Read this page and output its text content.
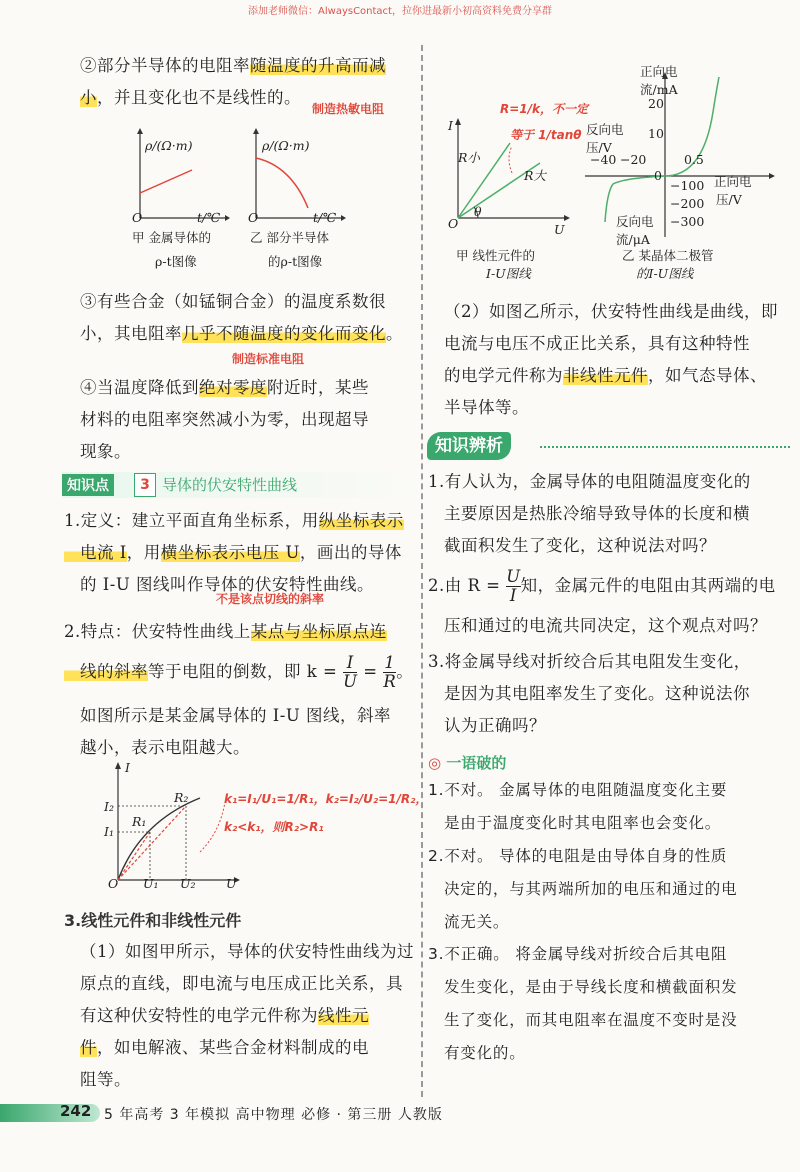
添加老师微信：AlwaysContact，拉你进最新小初高资料免费分享群
②部分半导体的电阻率随温度的升高而减
小，并且变化也不是线性的。
制造热敏电阻
ρ/(Ω·m)
t/℃
O
甲 金属导体的
ρ-t图像
ρ/(Ω·m)
t/℃
O
乙 部分半导体
的ρ-t图像
③有些合金（如锰铜合金）的温度系数很
小，其电阻率几乎不随温度的变化而变化。
制造标准电阻
④当温度降低到绝对零度附近时，某些
材料的电阻率突然减小为零，出现超导
现象。
知识点	3 导体的伏安特性曲线
1.定义：建立平面直角坐标系，用纵坐标表示
电流 I，用横坐标表示电压 U，画出的导体
的 I-U 图线叫作导体的伏安特性曲线。
不是该点切线的斜率
2.特点：伏安特性曲线上某点与坐标原点连
线的斜率等于电阻的倒数，即 $k = \frac{I}{U} = \frac{1}{R}$ 。
如图所示是某金属导体的 I-U 图线，斜率
越小，表示电阻越大。
I
U
O
I₂
I₁
U₁ U₂
R₁
R₂	k₁=I₁/U₁=1/R₁，k₂=I₂/U₂=1/R₂，
k₂<k₁，则R₂>R₁
3.线性元件和非线性元件
（1）如图甲所示，导体的伏安特性曲线为过
原点的直线，即电流与电压成正比关系，具
有这种伏安特性的电学元件称为线性元
件，如电解液、某些合金材料制成的电
阻等。
I
U
O
R小
R大
θ
R=1/k，不一定
等于 1/tanθ
甲 线性元件的
I-U图线
正向电
流/mA
反向电
流/μA
正向电
压/V
反向电
压/V
20
10
0.5
−40 −20
0
−100
−200
−300
乙 某晶体二极管
的I-U图线
（2）如图乙所示，伏安特性曲线是曲线，即
电流与电压不成正比关系，具有这种特性
的电学元件称为非线性元件，如气态导体、
半导体等。
知识辨析
1.有人认为，金属导体的电阻随温度变化的
主要原因是热胀冷缩导致导体的长度和横
截面积发生了变化，这种说法对吗？
2.由 $R = \frac{U}{I}$ 知，金属元件的电阻由其两端的电
压和通过的电流共同决定，这个观点对吗？
3.将金属导线对折绞合后其电阻发生变化，
是因为其电阻率发生了变化。这种说法你
认为正确吗？
◎ 一语破的
1.不对。 金属导体的电阻随温度变化主要
是由于温度变化时其电阻率也会变化。
2.不对。 导体的电阻是由导体自身的性质
决定的，与其两端所加的电压和通过的电
流无关。
3.不正确。 将金属导线对折绞合后其电阻
发生变化，是由于导线长度和横截面积发
生了变化，而其电阻率在温度不变时是没
有变化的。
242 5 年高考 3 年模拟 高中物理 必修 · 第三册 人教版
